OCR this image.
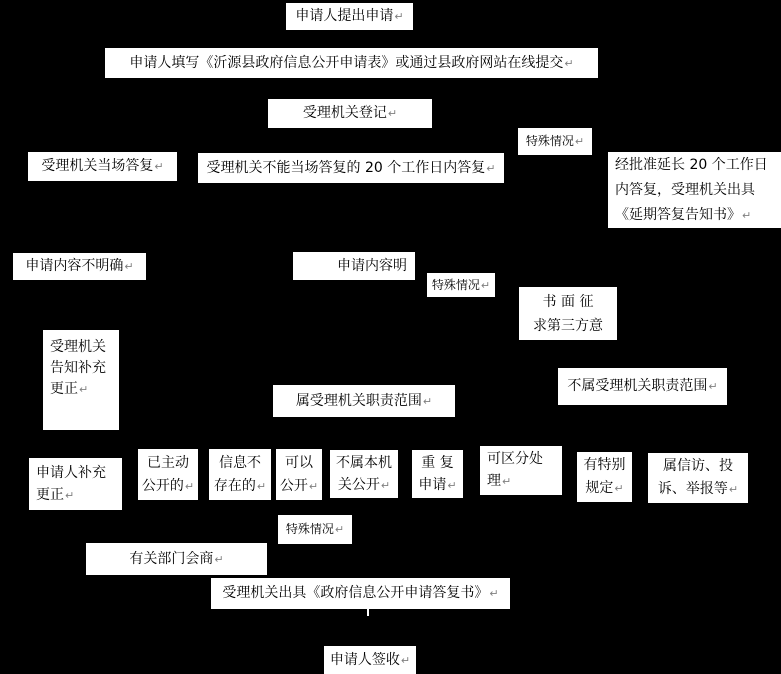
申请人提出申请↵
申请人填写《沂源县政府信息公开申请表》或通过县政府网站在线提交↵
受理机关登记↵
特殊情况↵
受理机关当场答复↵	受理机关不能当场答复的 20 个工作日内答复↵	经批准延长 20 个工作日
内答复，受理机关出具
《延期答复告知书》↵
申请内容不明确↵	申请内容明
特殊情况↵
书 面 征
求第三方意
受理机关
告知补充
更正↵
属受理机关职责范围↵
不属受理机关职责范围↵
申请人补充
更正↵
已主动
公开的↵
信息不
存在的↵
可以
公开↵
不属本机
关公开↵
重 复
申请↵
可区分处
理↵
有特别
规定↵
属信访、投
诉、举报等↵
特殊情况↵
有关部门会商↵
受理机关出具《政府信息公开申请答复书》↵
申请人签收↵
